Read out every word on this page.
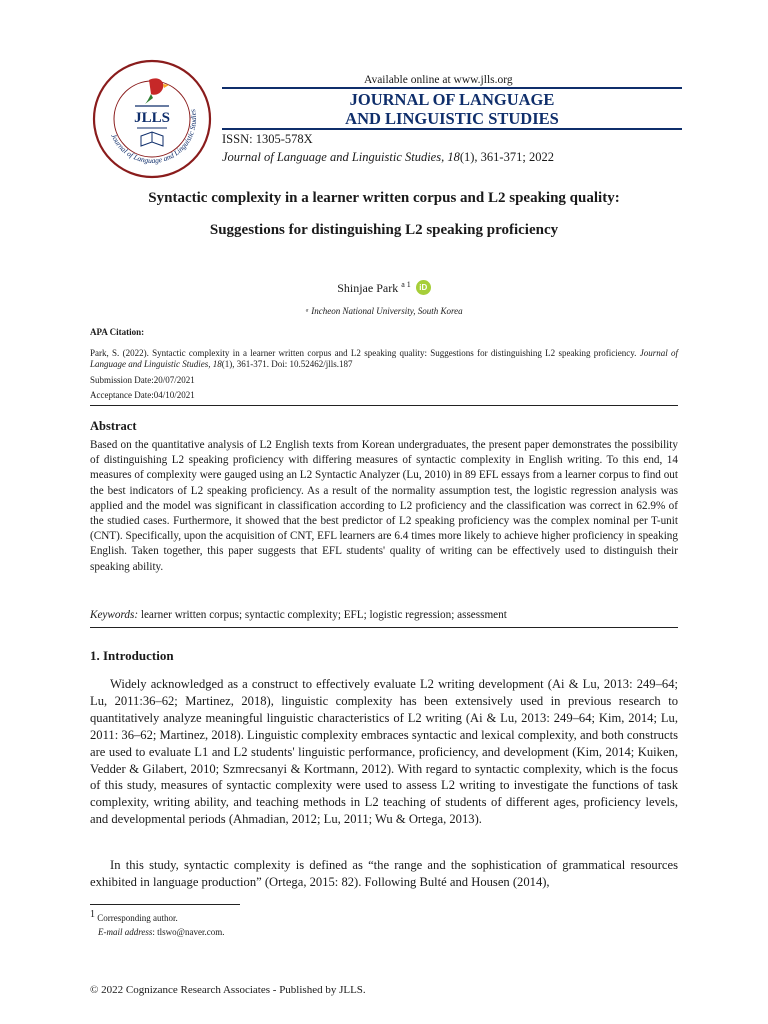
Journal of Language and Linguistic Studies
JLLS
Available online at www.jlls.org
JOURNAL OF LANGUAGE
AND LINGUISTIC STUDIES
ISSN: 1305-578X
Journal of Language and Linguistic Studies, 18(1), 361-371; 2022
Syntactic complexity in a learner written corpus and L2 speaking quality:
Suggestions for distinguishing L2 speaking proficiency
Shinjae Park $^{a 1}$ iD
ᵃ Incheon National University, South Korea
APA Citation:
Park, S. (2022). Syntactic complexity in a learner written corpus and L2 speaking quality: Suggestions for distinguishing L2 speaking proficiency. Journal of Language and Linguistic Studies, 18(1), 361-371. Doi: 10.52462/jlls.187
Submission Date:20/07/2021
Acceptance Date:04/10/2021
Abstract
Based on the quantitative analysis of L2 English texts from Korean undergraduates, the present paper demonstrates the possibility of distinguishing L2 speaking proficiency with differing measures of syntactic complexity in English writing. To this end, 14 measures of complexity were gauged using an L2 Syntactic Analyzer (Lu, 2010) in 89 EFL essays from a learner corpus to find out the best indicators of L2 speaking proficiency. As a result of the normality assumption test, the logistic regression analysis was applied and the model was significant in classification according to L2 proficiency and the classification was correct in 62.9% of the studied cases. Furthermore, it showed that the best predictor of L2 speaking proficiency was the complex nominal per T-unit (CNT). Specifically, upon the acquisition of CNT, EFL learners are 6.4 times more likely to achieve higher proficiency in speaking English. Taken together, this paper suggests that EFL students' quality of writing can be effectively used to distinguish their speaking ability.
Keywords: learner written corpus; syntactic complexity; EFL; logistic regression; assessment
1. Introduction
Widely acknowledged as a construct to effectively evaluate L2 writing development (Ai & Lu, 2013: 249–64; Lu, 2011:36–62; Martinez, 2018), linguistic complexity has been extensively used in previous research to quantitatively analyze meaningful linguistic characteristics of L2 writing (Ai & Lu, 2013: 249–64; Kim, 2014; Lu, 2011: 36–62; Martinez, 2018). Linguistic complexity embraces syntactic and lexical complexity, and both constructs are used to evaluate L1 and L2 students' linguistic performance, proficiency, and development (Kim, 2014; Kuiken, Vedder & Gilabert, 2010; Szmrecsanyi & Kortmann, 2012). With regard to syntactic complexity, which is the focus of this study, measures of syntactic complexity were used to assess L2 writing to investigate the functions of task complexity, writing ability, and teaching methods in L2 teaching of students of different ages, proficiency levels, and developmental periods (Ahmadian, 2012; Lu, 2011; Wu & Ortega, 2013).
In this study, syntactic complexity is defined as “the range and the sophistication of grammatical resources exhibited in language production” (Ortega, 2015: 82). Following Bulté and Housen (2014),
$^1$ Corresponding author.
E-mail address: tlswo@naver.com.
© 2022 Cognizance Research Associates - Published by JLLS.
